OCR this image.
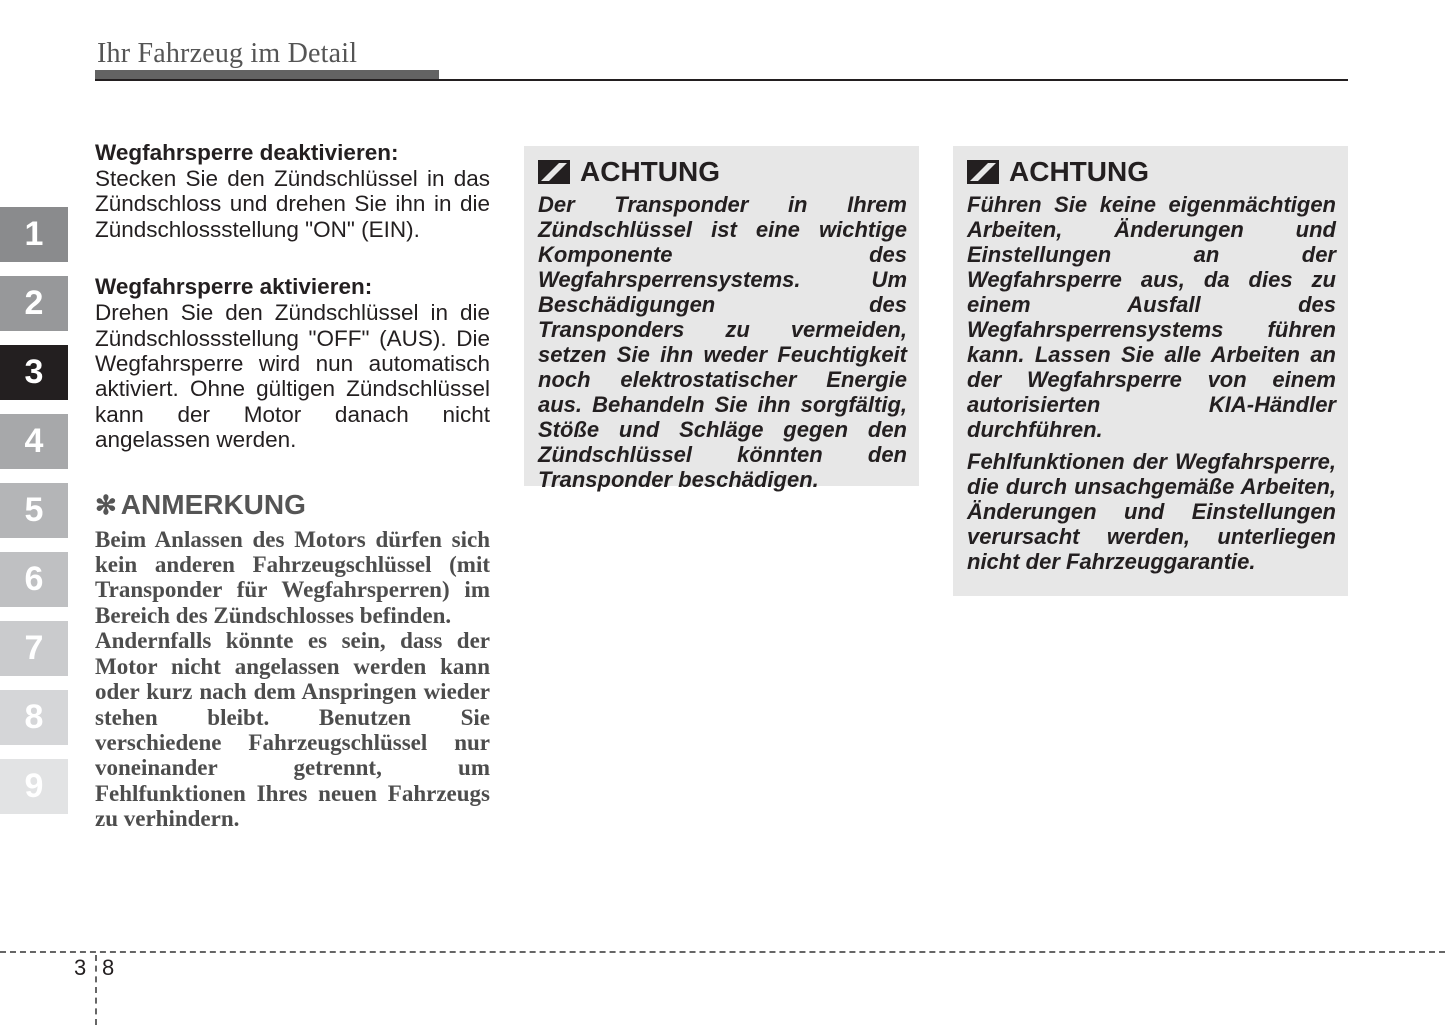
Ihr Fahrzeug im Detail
1
2
3
4
5
6
7
8
9

Wegfahrsperre deaktivieren:

Stecken Sie den Zündschlüssel in das Zündschloss und drehen Sie ihn in die Zündschlossstellung "ON" (EIN).

Wegfahrsperre aktivieren:

Drehen Sie den Zündschlüssel in die Zündschlossstellung "OFF" (AUS). Die Wegfahrsperre wird nun automatisch aktiviert. Ohne gültigen Zündschlüssel kann der Motor danach nicht angelassen werden.

✻ ANMERKUNG

Beim Anlassen des Motors dürfen sich kein anderen Fahrzeugschlüssel (mit Transponder für Wegfahrsperren) im Bereich des Zündschlosses befinden.

Andernfalls könnte es sein, dass der Motor nicht angelassen werden kann oder kurz nach dem Anspringen wieder stehen bleibt. Benutzen Sie verschiedene Fahrzeugschlüssel nur voneinander getrennt, um Fehlfunktionen Ihres neuen Fahrzeugs zu verhindern.

ACHTUNG

Der Transponder in Ihrem Zündschlüssel ist eine wichtige Komponente des Wegfahrsperrensystems. Um Beschädigungen des Transponders zu vermeiden, setzen Sie ihn weder Feuchtigkeit noch elektrostatischer Energie aus. Behandeln Sie ihn sorgfältig, Stöße und Schläge gegen den Zündschlüssel könnten den Transponder beschädigen.

ACHTUNG

Führen Sie keine eigenmächtigen Arbeiten, Änderungen und Einstellungen an der Wegfahrsperre aus, da dies zu einem Ausfall des Wegfahrsperrensystems führen kann. Lassen Sie alle Arbeiten an der Wegfahrsperre von einem autorisierten KIA-Händler durchführen.

Fehlfunktionen der Wegfahrsperre, die durch unsachgemäße Arbeiten, Änderungen und Einstellungen verursacht werden, unterliegen nicht der Fahrzeuggarantie.

3 8
